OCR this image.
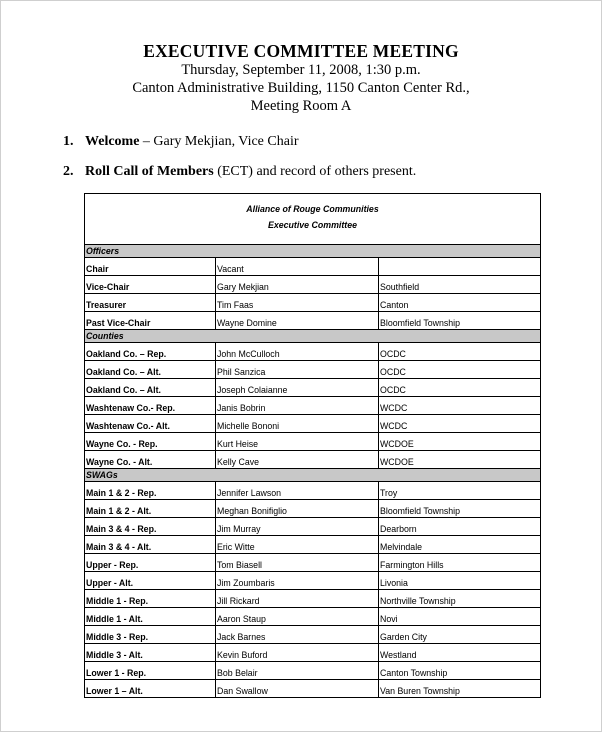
EXECUTIVE COMMITTEE MEETING
Thursday, September 11, 2008, 1:30 p.m.
Canton Administrative Building, 1150 Canton Center Rd.,
Meeting Room A
1. Welcome – Gary Mekjian, Vice Chair
2. Roll Call of Members (ECT) and record of others present.
Alliance of Rouge Communities
Executive Committee
Officers
Chair	Vacant
Vice-Chair	Gary Mekjian	Southfield
Treasurer	Tim Faas	Canton
Past Vice-Chair	Wayne Domine	Bloomfield Township
Counties
Oakland Co. – Rep.	John McCulloch	OCDC
Oakland Co. – Alt.	Phil Sanzica	OCDC
Oakland Co. – Alt.	Joseph Colaianne	OCDC
Washtenaw Co.- Rep.	Janis Bobrin	WCDC
Washtenaw Co.- Alt.	Michelle Bononi	WCDC
Wayne Co. - Rep.	Kurt Heise	WCDOE
Wayne Co. - Alt.	Kelly Cave	WCDOE
SWAGs
Main 1 & 2 - Rep.	Jennifer Lawson	Troy
Main 1 & 2 - Alt.	Meghan Bonifiglio	Bloomfield Township
Main 3 & 4 - Rep.	Jim Murray	Dearborn
Main 3 & 4 - Alt.	Eric Witte	Melvindale
Upper - Rep.	Tom Biasell	Farmington Hills
Upper - Alt.	Jim Zoumbaris	Livonia
Middle 1 - Rep.	Jill Rickard	Northville Township
Middle 1 - Alt.	Aaron Staup	Novi
Middle 3 - Rep.	Jack Barnes	Garden City
Middle 3 - Alt.	Kevin Buford	Westland
Lower 1 - Rep.	Bob Belair	Canton Township
Lower 1 – Alt.	Dan Swallow	Van Buren Township
